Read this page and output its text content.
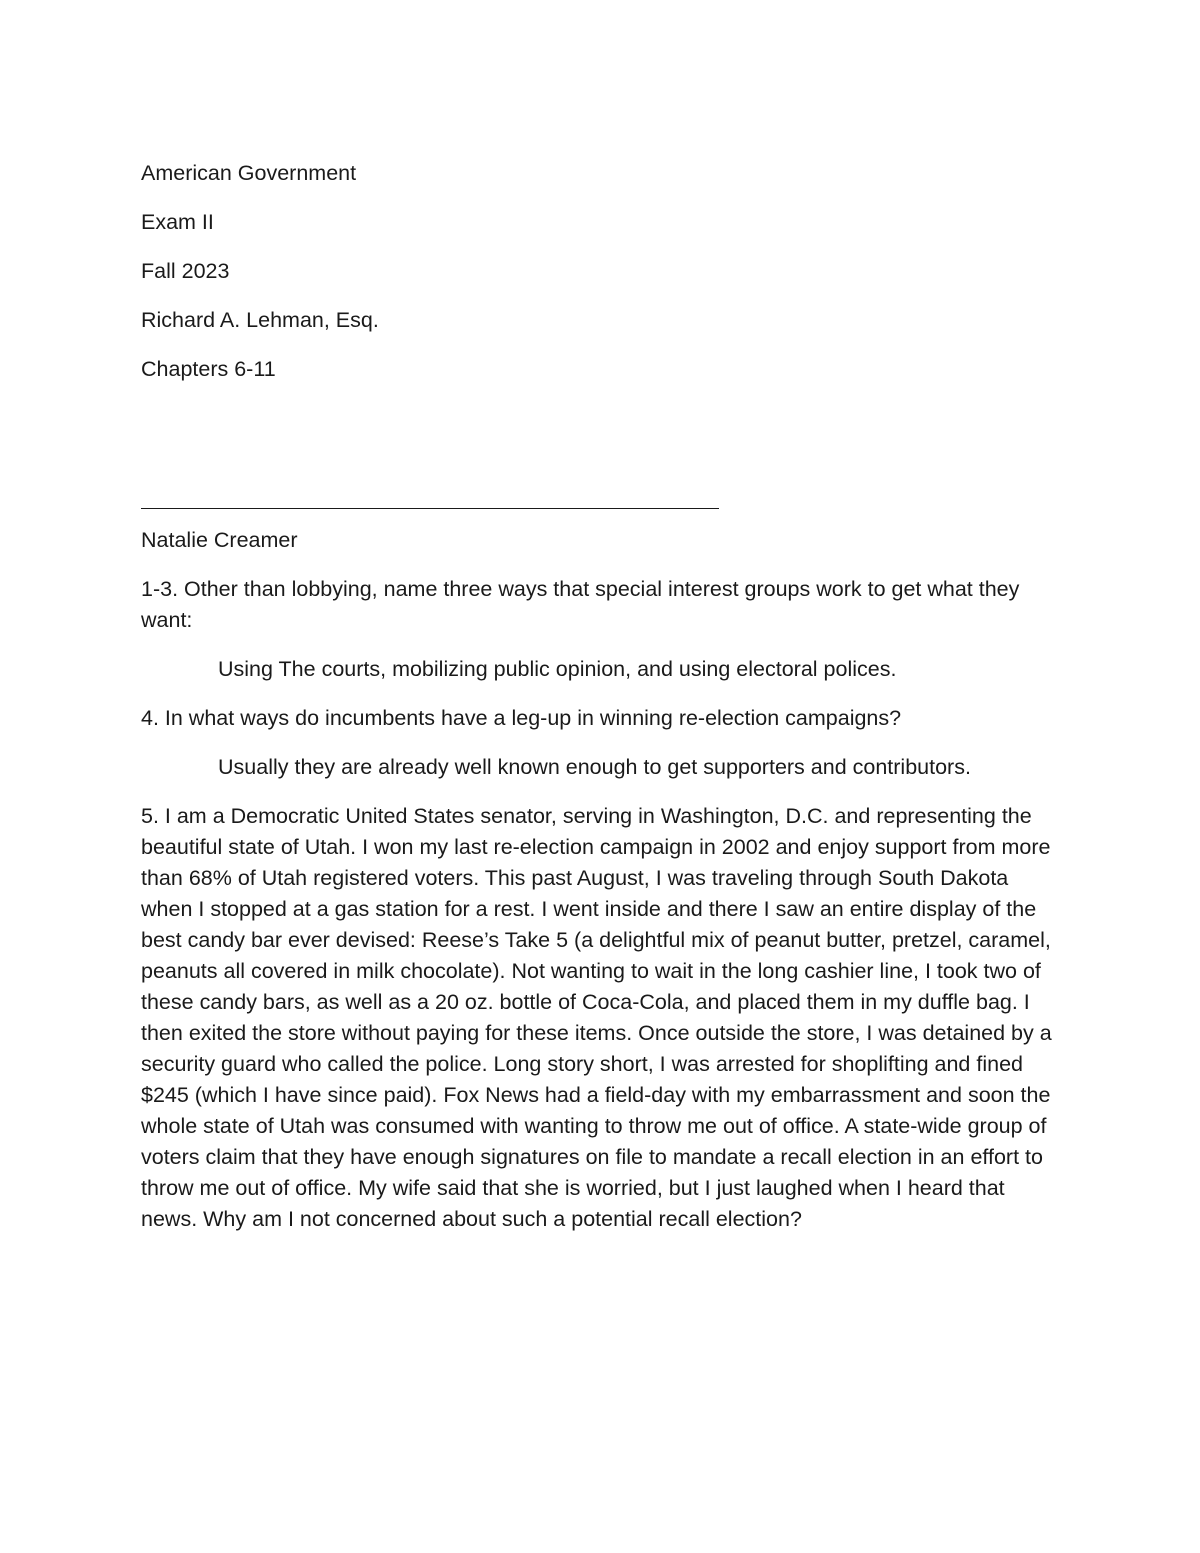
American Government
Exam II
Fall 2023
Richard A. Lehman, Esq.
Chapters 6-11
Natalie Creamer
1-3. Other than lobbying, name three ways that special interest groups work to get what they want:
Using The courts, mobilizing public opinion, and using electoral polices.
4. In what ways do incumbents have a leg-up in winning re-election campaigns?
Usually they are already well known enough to get supporters and contributors.
5. I am a Democratic United States senator, serving in Washington, D.C. and representing the beautiful state of Utah. I won my last re-election campaign in 2002 and enjoy support from more than 68% of Utah registered voters. This past August, I was traveling through South Dakota when I stopped at a gas station for a rest. I went inside and there I saw an entire display of the best candy bar ever devised: Reese’s Take 5 (a delightful mix of peanut butter, pretzel, caramel, peanuts all covered in milk chocolate). Not wanting to wait in the long cashier line, I took two of these candy bars, as well as a 20 oz. bottle of Coca-Cola, and placed them in my duffle bag. I then exited the store without paying for these items. Once outside the store, I was detained by a security guard who called the police. Long story short, I was arrested for shoplifting and fined $245 (which I have since paid). Fox News had a field-day with my embarrassment and soon the whole state of Utah was consumed with wanting to throw me out of office. A state-wide group of voters claim that they have enough signatures on file to mandate a recall election in an effort to throw me out of office. My wife said that she is worried, but I just laughed when I heard that news. Why am I not concerned about such a potential recall election?
